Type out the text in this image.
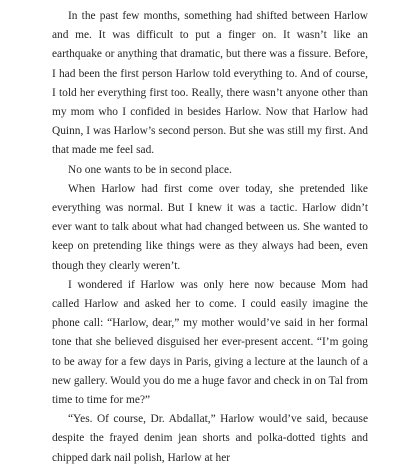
In the past few months, something had shifted between Harlow and me. It was difficult to put a finger on. It wasn’t like an earthquake or anything that dramatic, but there was a fissure. Before, I had been the first person Harlow told everything to. And of course, I told her everything first too. Really, there wasn’t anyone other than my mom who I confided in besides Harlow. Now that Harlow had Quinn, I was Harlow’s second person. But she was still my first. And that made me feel sad.

No one wants to be in second place.

When Harlow had first come over today, she pretended like everything was normal. But I knew it was a tactic. Harlow didn’t ever want to talk about what had changed between us. She wanted to keep on pretending like things were as they always had been, even though they clearly weren’t.

I wondered if Harlow was only here now because Mom had called Harlow and asked her to come. I could easily imagine the phone call: “Harlow, dear,” my mother would’ve said in her formal tone that she believed disguised her ever-present accent. “I’m going to be away for a few days in Paris, giving a lecture at the launch of a new gallery. Would you do me a huge favor and check in on Tal from time to time for me?”

“Yes. Of course, Dr. Abdallat,” Harlow would’ve said, because despite the frayed denim jean shorts and polka-dotted tights and chipped dark nail polish, Harlow at her
